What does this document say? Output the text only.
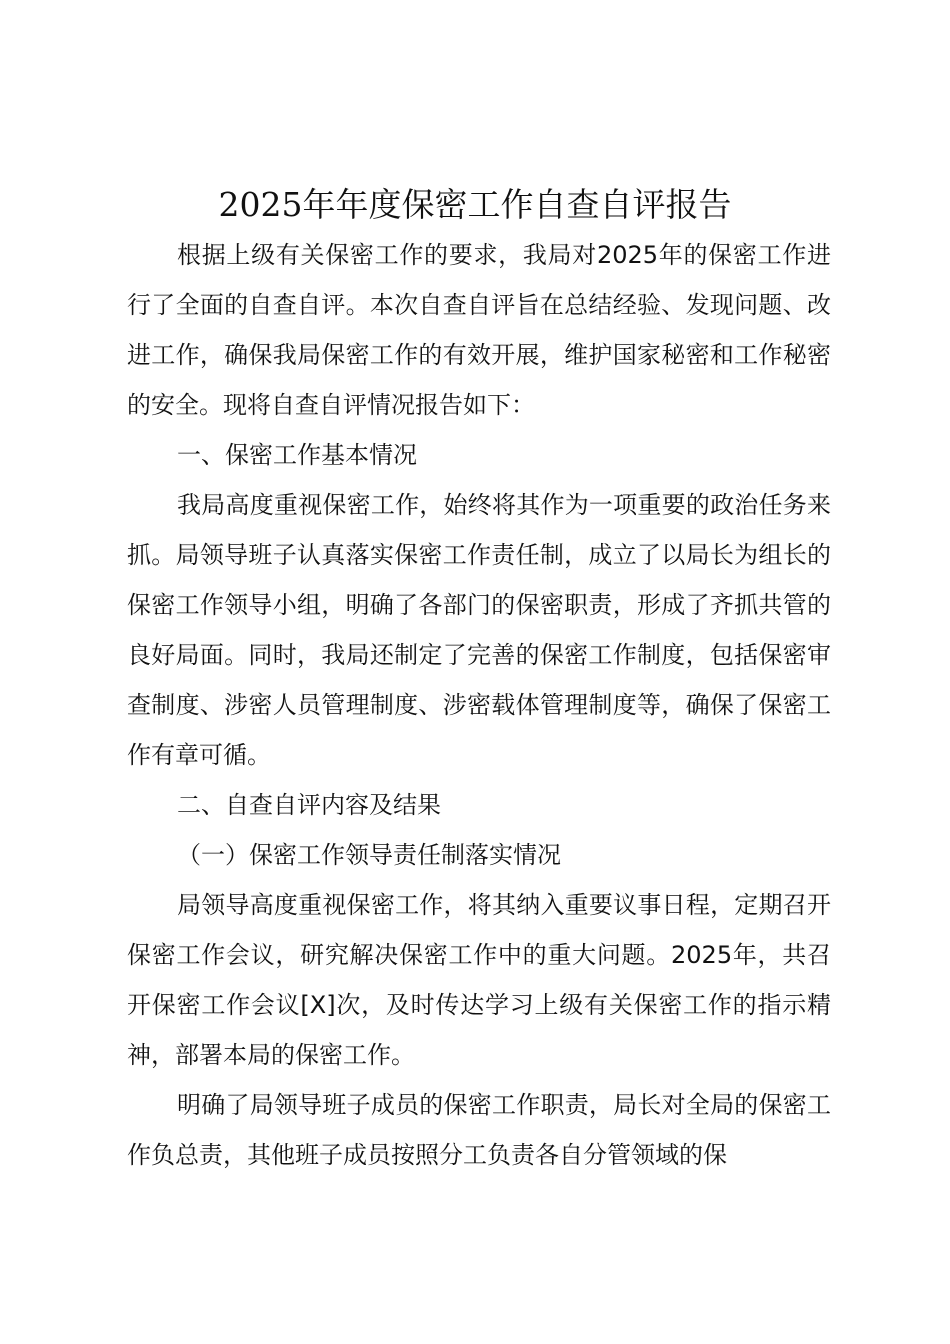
2025年年度保密工作自查自评报告

根据上级有关保密工作的要求，我局对2025年的保密工作进行了全面的自查自评。本次自查自评旨在总结经验、发现问题、改进工作，确保我局保密工作的有效开展，维护国家秘密和工作秘密的安全。现将自查自评情况报告如下：

一、保密工作基本情况

我局高度重视保密工作，始终将其作为一项重要的政治任务来抓。局领导班子认真落实保密工作责任制，成立了以局长为组长的保密工作领导小组，明确了各部门的保密职责，形成了齐抓共管的良好局面。同时，我局还制定了完善的保密工作制度，包括保密审查制度、涉密人员管理制度、涉密载体管理制度等，确保了保密工作有章可循。

二、自查自评内容及结果

（一）保密工作领导责任制落实情况

局领导高度重视保密工作，将其纳入重要议事日程，定期召开保密工作会议，研究解决保密工作中的重大问题。2025年，共召开保密工作会议[X]次，及时传达学习上级有关保密工作的指示精神，部署本局的保密工作。

明确了局领导班子成员的保密工作职责，局长对全局的保密工作负总责，其他班子成员按照分工负责各自分管领域的保
